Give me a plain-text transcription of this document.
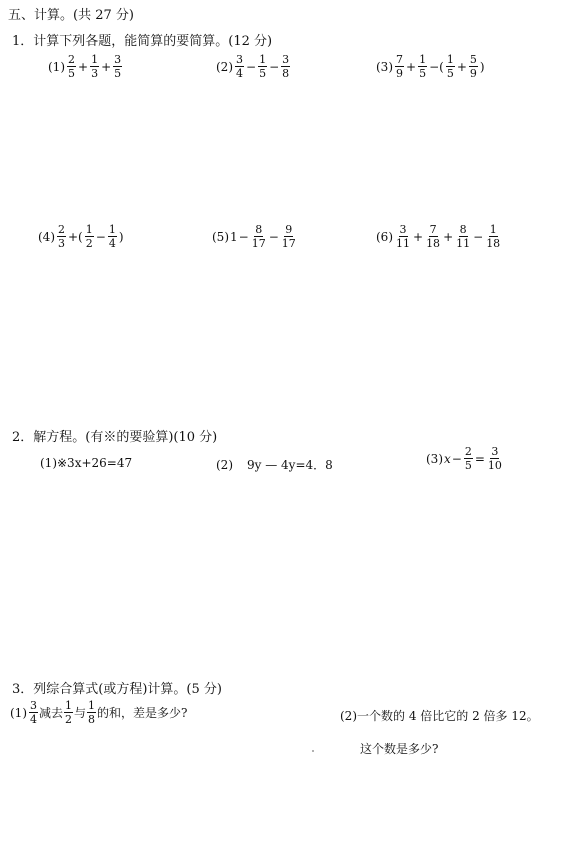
五、计算。(共 27 分)
1．计算下列各题，能简算的要简算。(12 分)
$(1) \frac{2}{5} + \frac{1}{3} + \frac{3}{5}$	$(2) \frac{3}{4} - \frac{1}{5} - \frac{3}{8}$	$(3) \frac{7}{9} + \frac{1}{5}$ −( $\frac{1}{5} + \frac{5}{9}$ )
$(4) \frac{2}{3}$ +( $\frac{1}{2} - \frac{1}{4}$ )	(5) $1 - \frac{8}{17} - \frac{9}{17}$	$(6) \frac{3}{11} + \frac{7}{18} + \frac{8}{11} - \frac{1}{18}$
2．解方程。(有※的要验算)(10 分)
(1)※3x+26=47	(2) 9y — 4y=4．8	(3) $x - \frac{2}{5} = \frac{3}{10}$
3．列综合算式(或方程)计算。(5 分)
$(1) \frac{3}{4}$ 减去 $\frac{1}{2}$ 与 $\frac{1}{8}$ 的和，差是多少?	(2)一个数的 4 倍比它的 2 倍多 12。
这个数是多少?
